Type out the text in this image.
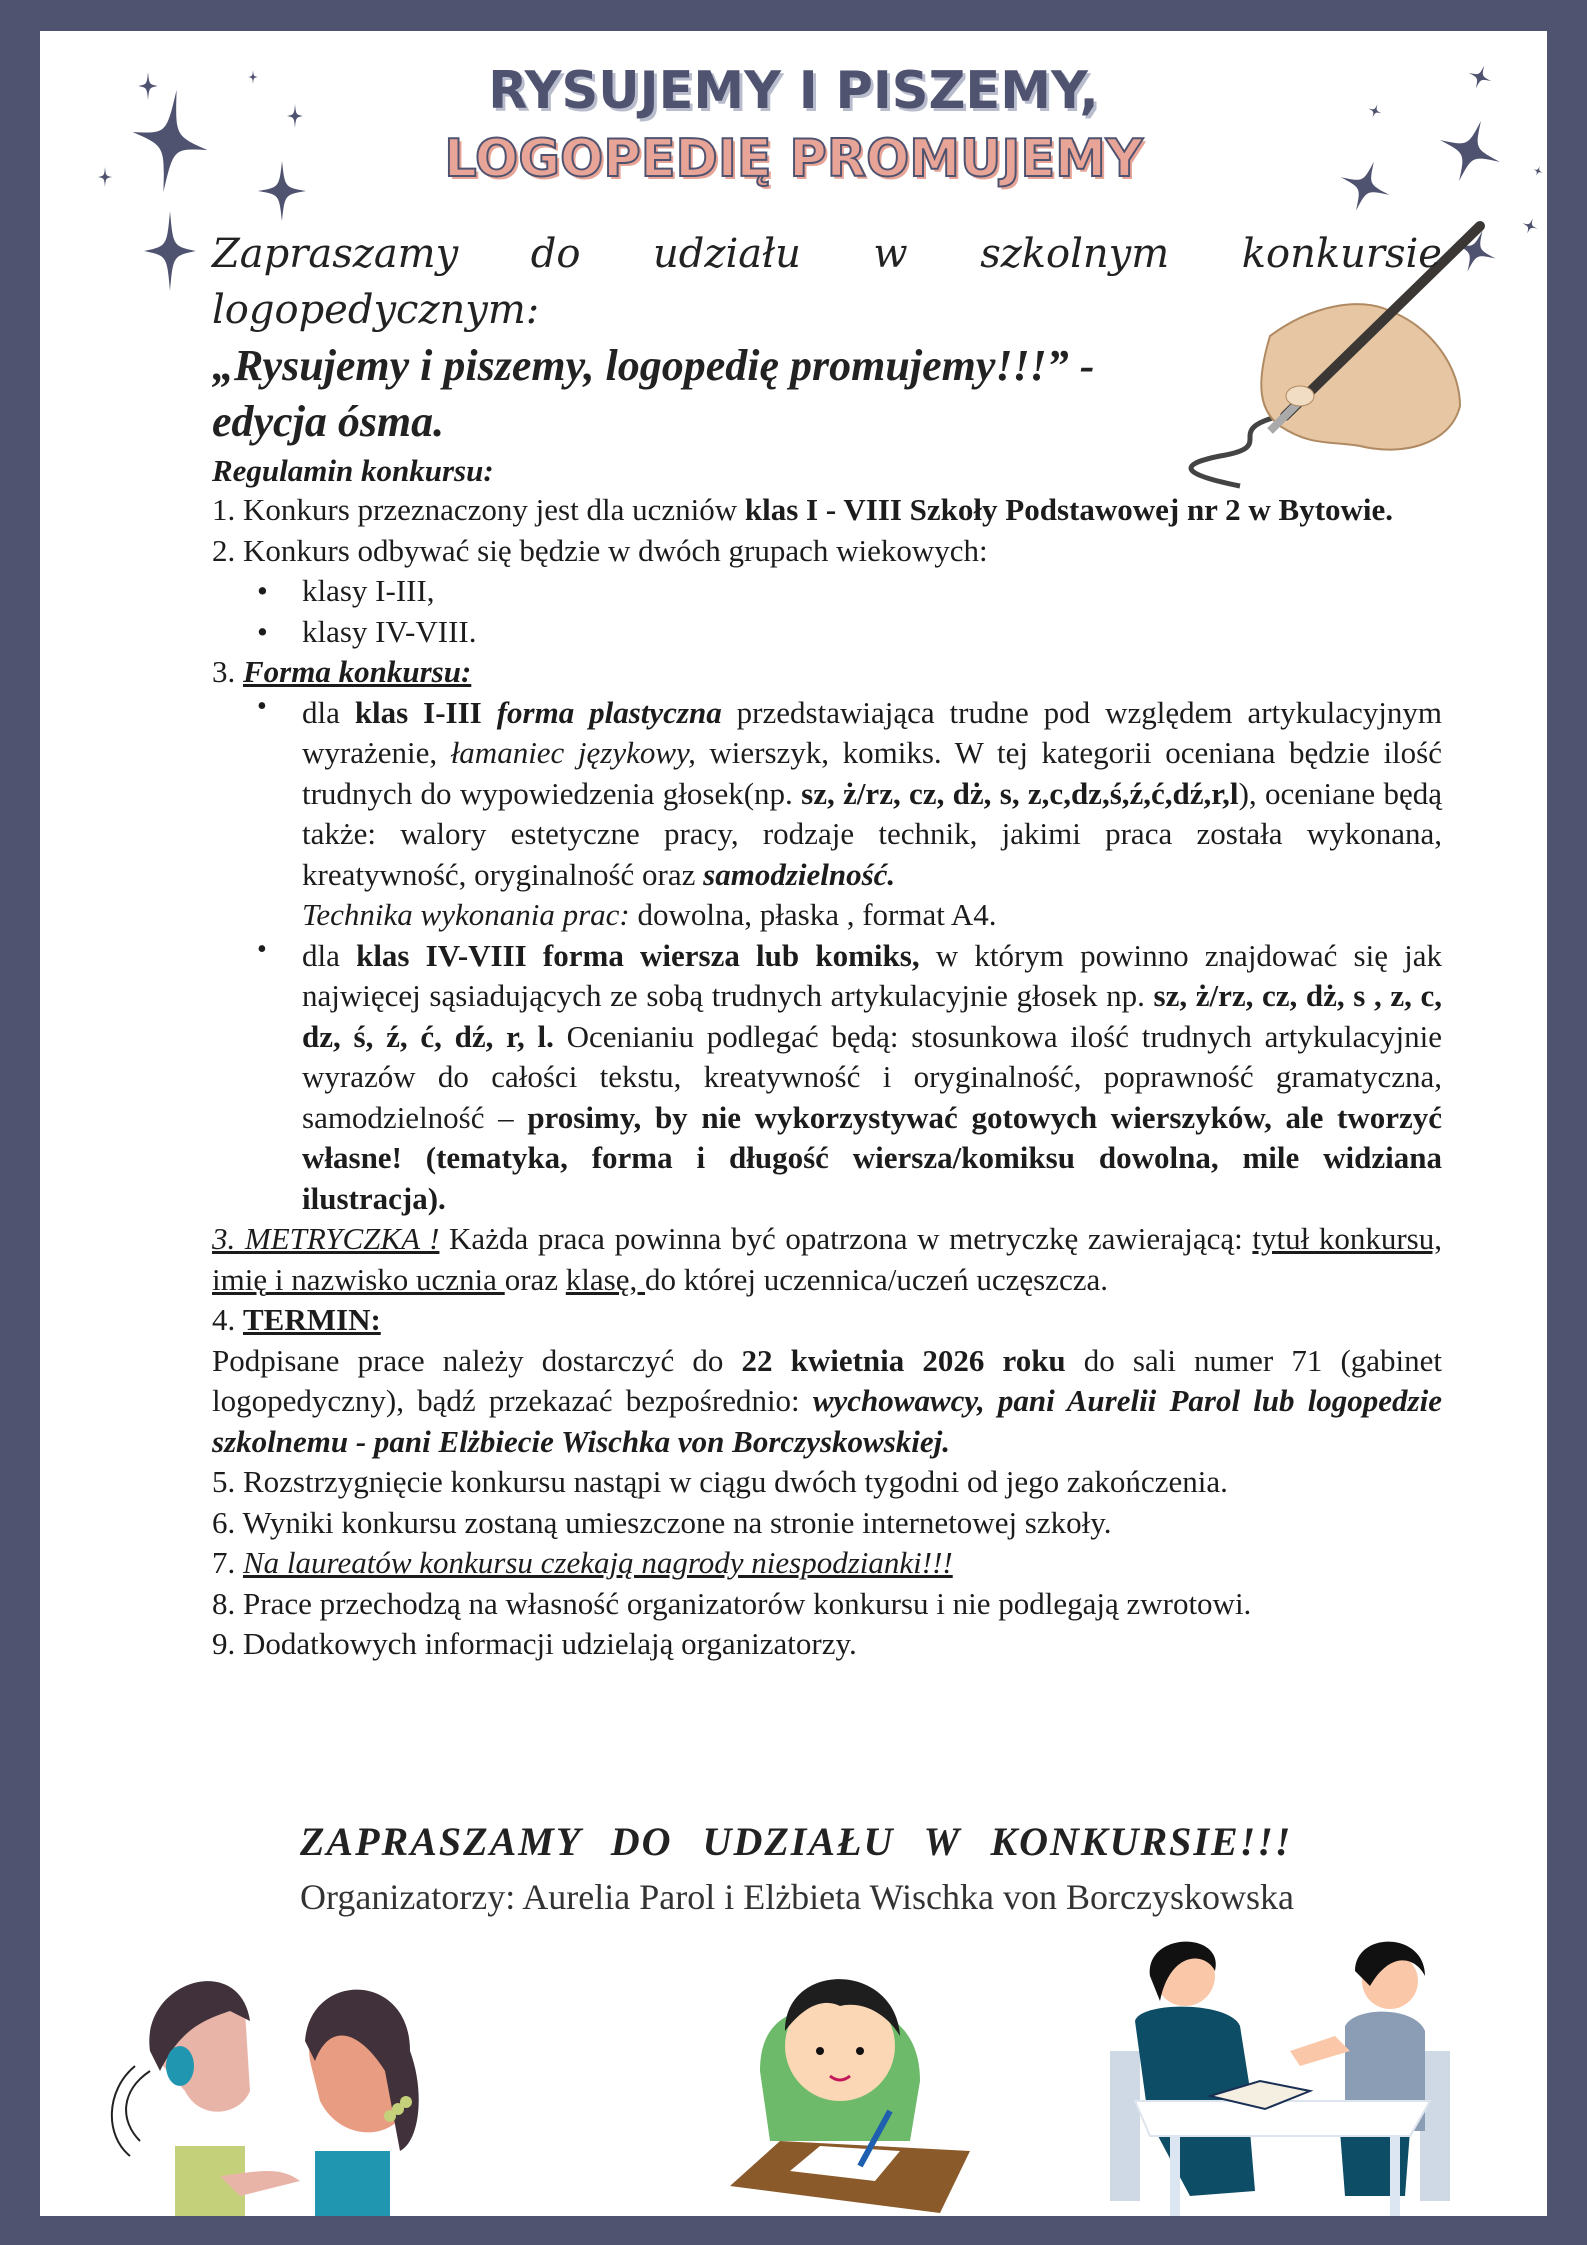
RYSUJEMY I PISZEMY,
LOGOPEDIĘ PROMUJEMY
Zapraszamy do udziału w szkolnym konkursie
logopedycznym:
„Rysujemy i piszemy, logopedię promujemy!!!” -
edycja ósma.
Regulamin konkursu:
1. Konkurs przeznaczony jest dla uczniów klas I - VIII Szkoły Podstawowej nr 2 w Bytowie.
2. Konkurs odbywać się będzie w dwóch grupach wiekowych:
• klasy I-III,
• klasy IV-VIII.
3. Forma konkursu:
• dla klas I-III forma plastyczna przedstawiająca trudne pod względem artykulacyjnym wyrażenie, łamaniec językowy, wierszyk, komiks. W tej kategorii oceniana będzie ilość trudnych do wypowiedzenia głosek(np. sz, ż/rz, cz, dż, s, z,c,dz,ś,ź,ć,dź,r,l), oceniane będą także: walory estetyczne pracy, rodzaje technik, jakimi praca została wykonana, kreatywność, oryginalność oraz samodzielność.
Technika wykonania prac: dowolna, płaska , format A4.
• dla klas IV-VIII forma wiersza lub komiks, w którym powinno znajdować się jak najwięcej sąsiadujących ze sobą trudnych artykulacyjnie głosek np. sz, ż/rz, cz, dż, s , z, c, dz, ś, ź, ć, dź, r, l. Ocenianiu podlegać będą: stosunkowa ilość trudnych artykulacyjnie wyrazów do całości tekstu, kreatywność i oryginalność, poprawność gramatyczna, samodzielność – prosimy, by nie wykorzystywać gotowych wierszyków, ale tworzyć własne! (tematyka, forma i długość wiersza/komiksu dowolna, mile widziana ilustracja).
3. METRYCZKA ! Każda praca powinna być opatrzona w metryczkę zawierającą: tytuł konkursu, imię i nazwisko ucznia oraz klasę, do której uczennica/uczeń uczęszcza.
4. TERMIN:
Podpisane prace należy dostarczyć do 22 kwietnia 2026 roku do sali numer 71 (gabinet logopedyczny), bądź przekazać bezpośrednio: wychowawcy, pani Aurelii Parol lub logopedzie szkolnemu - pani Elżbiecie Wischka von Borczyskowskiej.
5. Rozstrzygnięcie konkursu nastąpi w ciągu dwóch tygodni od jego zakończenia.
6. Wyniki konkursu zostaną umieszczone na stronie internetowej szkoły.
7. Na laureatów konkursu czekają nagrody niespodzianki!!!
8. Prace przechodzą na własność organizatorów konkursu i nie podlegają zwrotowi.
9. Dodatkowych informacji udzielają organizatorzy.
ZAPRASZAMY DO UDZIAŁU W KONKURSIE!!!
Organizatorzy: Aurelia Parol i Elżbieta Wischka von Borczyskowska
